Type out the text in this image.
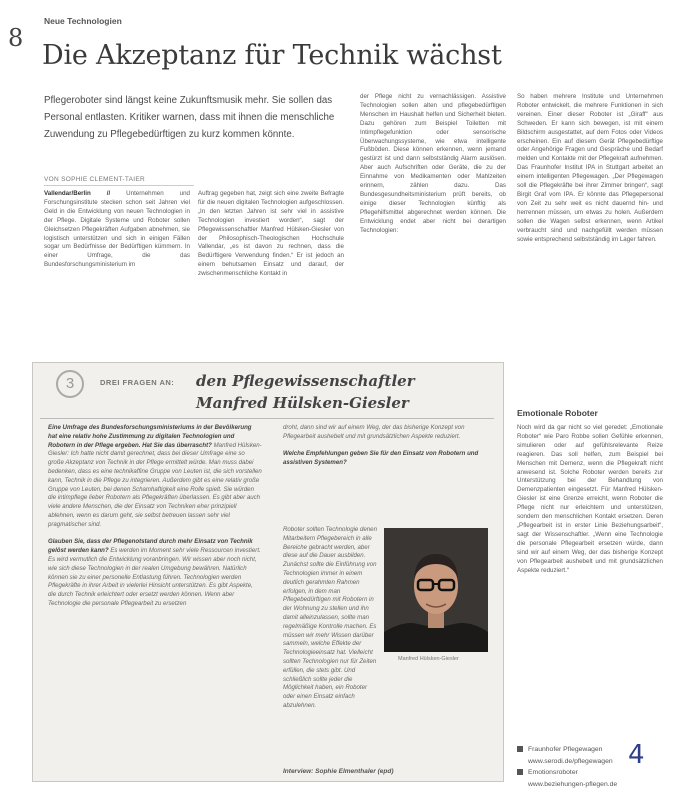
8
Neue Technologien
Die Akzeptanz für Technik wächst
Pflegeroboter sind längst keine Zukunftsmusik mehr. Sie sollen das Personal entlasten. Kritiker warnen, dass mit ihnen die menschliche Zuwendung zu Pflegebedürftigen zu kurz kommen könnte.
VON SOPHIE CLEMENT-TAIER
Vallendar/Berlin //	Unternehmen und Forschungsinstitute stecken schon seit Jahren viel Geld in die Entwicklung von neuen Technologien in der Pflege. Digitale Systeme und Roboter sollen Gleichsetzen Pflegekräften Aufgaben abnehmen, sie logistisch unterstützen und sich in einigen Fällen sogar um Bedürfnisse der Bedürftigen kümmern. In einer Umfrage, die das Bundesforschungsministerium im
Auftrag gegeben hat, zeigt sich eine zweite Befragte für die neuen digitalen Technologien aufgeschlossen. „In den letzten Jahren ist sehr viel in assistive Technologien investiert worden“, sagt der Pflegewissenschaftler Manfred Hülsken-Giesler von der Philosophisch-Theologischen Hochschule Vallendar, „es ist davon zu rechnen, dass die Bedürftigere Verwendung finden.“ Er ist jedoch an einem behutsamen Einsatz und darauf, der zwischenmenschliche Kontakt in
der Pflege nicht zu vernachlässigen. Assistive Technologien sollen alten und pflegebedürftigen Menschen im Haushalt helfen und Sicherheit bieten. Dazu gehören zum Beispiel Toiletten mit Intimpflegefunktion oder sensorische Überwachungssysteme, wie etwa intelligente Fußböden. Diese können erkennen, wenn jemand gestürzt ist und dann selbstständig Alarm auslösen. Aber auch Aufschriften oder Geräte, die zu der Einnahme von Medikamenten oder Mahlzeiten erinnern, zählen dazu. Das Bundesgesundheitsministerium prüft bereits, ob einige dieser Technologien künftig als Pflegehilfsmittel abgerechnet werden können. Die Entwicklung endet aber nicht bei derartigen Technologien:
So haben mehrere Institute und Unternehmen Roboter entwickelt, die mehrere Funktionen in sich vereinen. Einer dieser Roboter ist „Giraff“ aus Schweden. Er kann sich bewegen, ist mit einem Bildschirm ausgestattet, auf dem Fotos oder Videos erscheinen. Ein auf diesem Gerät Pflegebedürftige oder Angehörige Fragen und Gespräche und Bedarf melden und Kontakte mit der Pflegekraft aufnehmen. Das Fraunhofer Institut IPA in Stuttgart arbeitet an einem intelligenten Pflegewagen. „Der Pflegewagen soll die Pflegekräfte bei ihrer Zimmer bringen“, sagt Birgit Graf vom IPA. Er könnte das Pflegepersonal von Zeit zu sehr weit es nicht dauernd hin- und herrennen müssen, um etwas zu holen. Außerdem sollen die Wagen selbst erkennen, wenn Artikel verbraucht sind und nachgefüllt werden müssen sowie entsprechend selbstständig im Lager fahren.
Emotionale Roboter
Noch wird da gar nicht so viel geredet: „Emotionale Roboter“ wie Paro Robbe sollen Gefühle erkennen, simulieren oder auf gefühlsrelevante Reize reagieren. Das soll helfen, zum Beispiel bei Menschen mit Demenz, wenn die Pflegekraft nicht anwesend ist. Solche Roboter werden bereits zur Unterstützung bei der Behandlung von Demenzpatienten eingesetzt. Für Manfred Hülsken-Giesler ist eine Grenze erreicht, wenn Roboter die Pflege nicht nur erleichtern und unterstützen, sondern den menschlichen Kontakt ersetzen. Deren „Pflegearbeit ist in erster Linie Beziehungsarbeit“, sagt der Wissenschaftler. „Wenn eine Technologie die personale Pflegearbeit ersetzen würde, dann sind wir auf einem Weg, der das bisherige Konzept von Pflegearbeit aushebelt und mit grundsätzlichen Aspekte reduziert.“
3	DREI FRAGEN AN: den Pflegewissenschaftler
Manfred Hülsken-Giesler
Eine Umfrage des Bundesforschungsministeriums in der Bevölkerung hat eine relativ hohe Zustimmung zu digitalen Technologien und Robotern in der Pflege ergeben. Hat Sie das überrascht? Manfred Hülsken-Giesler: Ich hatte nicht damit gerechnet, dass bei dieser Umfrage eine so große Akzeptanz von Technik in der Pflege ermittelt würde. Man muss dabei bedenken, dass es eine technikaffine Gruppe von Leuten ist, die sich vorstellen kann, Technik in die Pflege zu integrieren. Außerdem gibt es eine relativ große Gruppe von Leuten, bei denen Schamhaftigkeit eine Rolle spielt. Sie würden die intimpflege lieber Robotern als Pflegekräften überlassen. Es gibt aber auch viele andere Menschen, die der Einsatz von Techniken eher prinzipiell ablehnen, wenn es darum geht, sie selbst betreuen lassen sehr viel pragmatischer sind.

Glauben Sie, dass der Pflegenotstand durch mehr Einsatz von Technik gelöst werden kann? Es werden im Moment sehr viele Ressourcen investiert. Es wird vermutlich die Entwicklung voranbringen. Wir wissen aber noch nicht, wie sich diese Technologien in der realen Umgebung bewähren. Natürlich können sie zu einer personelle Entlastung führen. Technologien werden Pflegekräfte in ihrer Arbeit in vielerlei Hinsicht unterstützen. Es gibt Aspekte, die durch Technik erleichtert oder ersetzt werden können. Wenn aber Technologie die personale Pflegearbeit zu ersetzen
droht, dann sind wir auf einem Weg, der das bisherige Konzept von Pflegearbeit aushebelt und mit grundsätzlichen Aspekte reduziert.

Welche Empfehlungen geben Sie für den Einsatz von Robotern und assistiven Systemen?
Roboter sollten Technologie denen Mitarbeitern Pflegebereich in alle Bereiche gebracht werden, aber diese auf die Dauer ausbilden. Zunächst sollte die Einführung von Technologien immer in einem deutlich gerahmten Rahmen erfolgen, in dem man Pflegebedürftigen mit Robotern in der Wohnung zu stellen und ihn damit alleinzulassen, sollte man regelmäßige Kontrolle machen. Es müssen wir mehr Wissen darüber sammeln, welche Effekte der Technologieeinsatz hat. Vielleicht sollten Technologien nur für Zeiten erfüllen, die stets gibt. Und schließlich sollte jeder die Möglichkeit haben, ein Roboter oder einen Einsatz einfach abzulehnen.
Manfred Hülsken-Giesler
Interview: Sophie Elmenthaler (epd)
Fraunhofer Pflegewagen
www.serodi.de/pflegewagen
Emotionsroboter
www.beziehungen-pflegen.de
4
